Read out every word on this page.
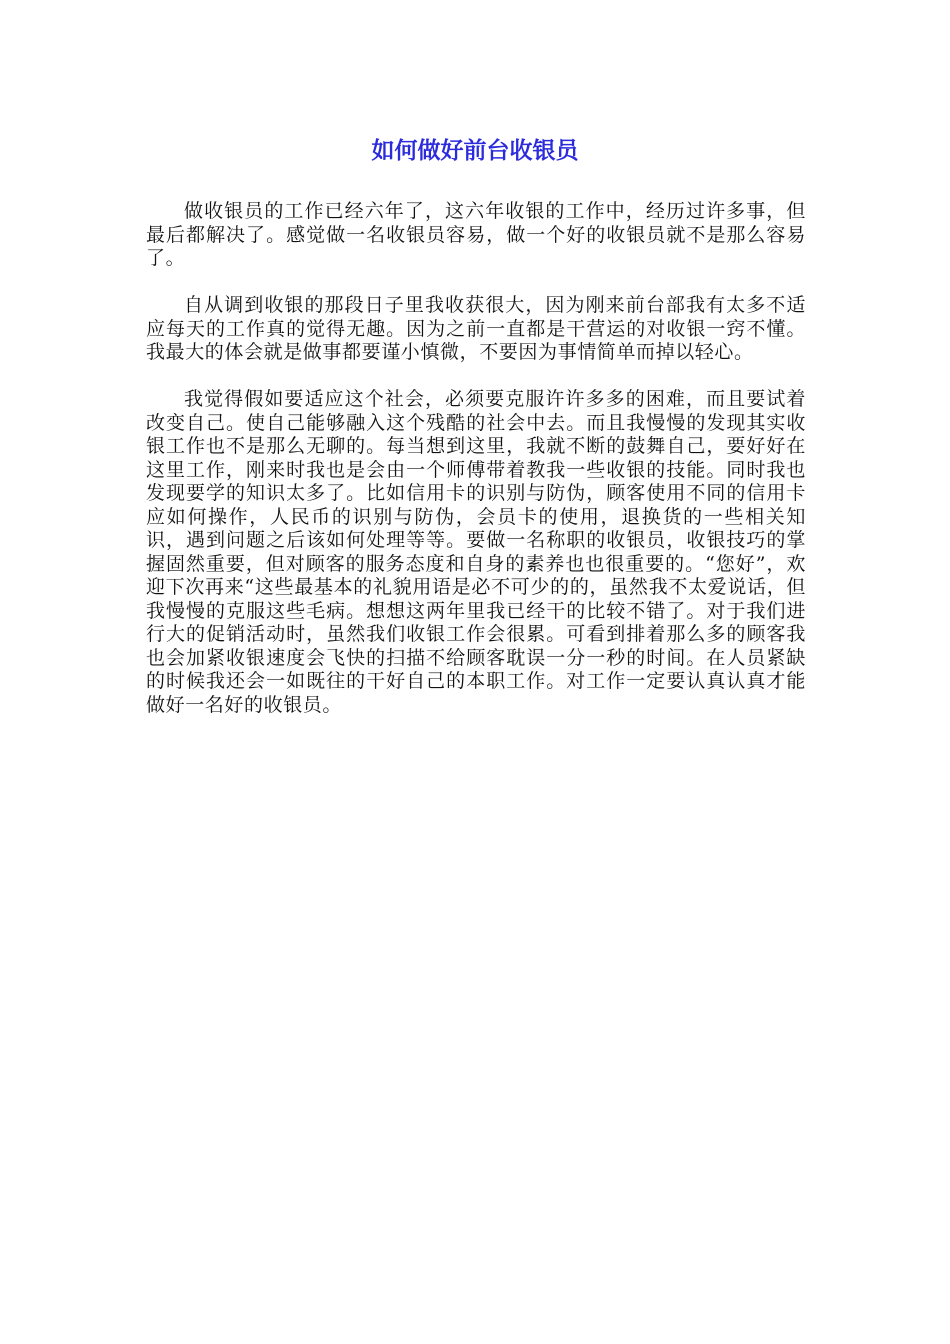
如何做好前台收银员

做收银员的工作已经六年了，这六年收银的工作中，经历过许多事，但最后都解决了。感觉做一名收银员容易，做一个好的收银员就不是那么容易了。

自从调到收银的那段日子里我收获很大，因为刚来前台部我有太多不适应每天的工作真的觉得无趣。因为之前一直都是干营运的对收银一窍不懂。我最大的体会就是做事都要谨小慎微，不要因为事情简单而掉以轻心。

我觉得假如要适应这个社会，必须要克服许许多多的困难，而且要试着改变自己。使自己能够融入这个残酷的社会中去。而且我慢慢的发现其实收银工作也不是那么无聊的。每当想到这里，我就不断的鼓舞自己，要好好在这里工作，刚来时我也是会由一个师傅带着教我一些收银的技能。同时我也发现要学的知识太多了。比如信用卡的识别与防伪，顾客使用不同的信用卡应如何操作，人民币的识别与防伪，会员卡的使用，退换货的一些相关知识，遇到问题之后该如何处理等等。要做一名称职的收银员，收银技巧的掌握固然重要，但对顾客的服务态度和自身的素养也也很重要的。“您好”，欢迎下次再来“这些最基本的礼貌用语是必不可少的的，虽然我不太爱说话，但我慢慢的克服这些毛病。想想这两年里我已经干的比较不错了。对于我们进行大的促销活动时，虽然我们收银工作会很累。可看到排着那么多的顾客我也会加紧收银速度会飞快的扫描不给顾客耽误一分一秒的时间。在人员紧缺的时候我还会一如既往的干好自己的本职工作。对工作一定要认真认真才能做好一名好的收银员。
